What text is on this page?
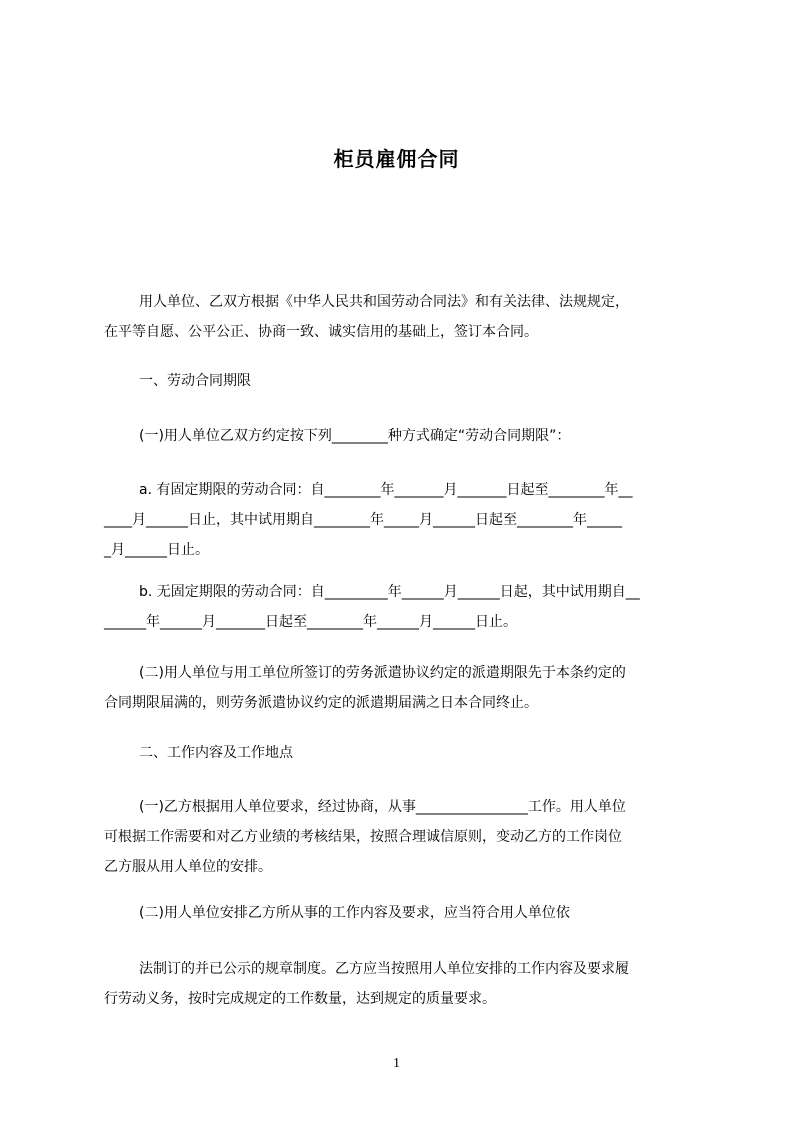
柜员雇佣合同

用人单位、乙双方根据《中华人民共和国劳动合同法》和有关法律、法规规定，
在平等自愿、公平公正、协商一致、诚实信用的基础上，签订本合同。

一、劳动合同期限

(一)用人单位乙双方约定按下列________种方式确定“劳动合同期限”：

a. 有固定期限的劳动合同：自________年_______月_______日起至________年__
____月______日止，其中试用期自________年_____月______日起至________年_____
_月______日止。

b. 无固定期限的劳动合同：自_________年______月______日起，其中试用期自__
______年______月_______日起至________年______月______日止。

(二)用人单位与用工单位所签订的劳务派遣协议约定的派遣期限先于本条约定的
合同期限届满的，则劳务派遣协议约定的派遣期届满之日本合同终止。

二、工作内容及工作地点

(一)乙方根据用人单位要求，经过协商，从事________________工作。用人单位
可根据工作需要和对乙方业绩的考核结果，按照合理诚信原则，变动乙方的工作岗位
乙方服从用人单位的安排。

(二)用人单位安排乙方所从事的工作内容及要求，应当符合用人单位依

法制订的并已公示的规章制度。乙方应当按照用人单位安排的工作内容及要求履
行劳动义务，按时完成规定的工作数量，达到规定的质量要求。

1
